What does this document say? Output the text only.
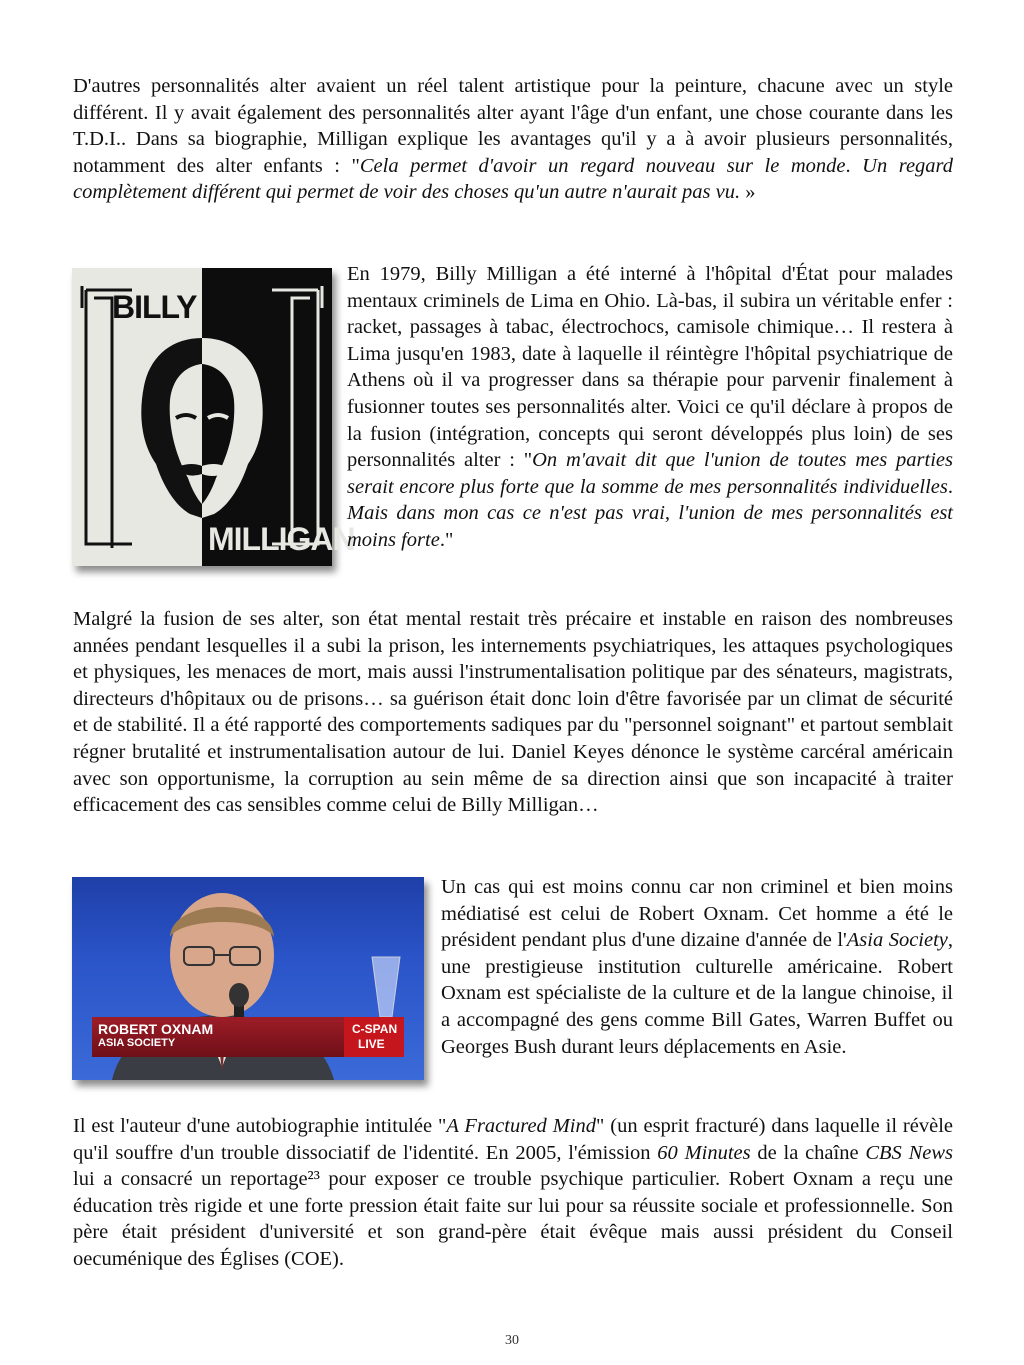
D'autres personnalités alter avaient un réel talent artistique pour la peinture, chacune avec un style différent. Il y avait également des personnalités alter ayant l'âge d'un enfant, une chose courante dans les T.D.I.. Dans sa biographie, Milligan explique les avantages qu'il y a à avoir plusieurs personnalités, notamment des alter enfants : "Cela permet d'avoir un regard nouveau sur le monde. Un regard complètement différent qui permet de voir des choses qu'un autre n'aurait pas vu. »

BILLY
MILLIGAN

En 1979, Billy Milligan a été interné à l'hôpital d'État pour malades mentaux criminels de Lima en Ohio. Là-bas, il subira un véritable enfer : racket, passages à tabac, électrochocs, camisole chimique… Il restera à Lima jusqu'en 1983, date à laquelle il réintègre l'hôpital psychiatrique de Athens où il va progresser dans sa thérapie pour parvenir finalement à fusionner toutes ses personnalités alter. Voici ce qu'il déclare à propos de la fusion (intégration, concepts qui seront développés plus loin) de ses personnalités alter : "On m'avait dit que l'union de toutes mes parties serait encore plus forte que la somme de mes personnalités individuelles. Mais dans mon cas ce n'est pas vrai, l'union de mes personnalités est moins forte."

Malgré la fusion de ses alter, son état mental restait très précaire et instable en raison des nombreuses années pendant lesquelles il a subi la prison, les internements psychiatriques, les attaques psychologiques et physiques, les menaces de mort, mais aussi l'instrumentalisation politique par des sénateurs, magistrats, directeurs d'hôpitaux ou de prisons… sa guérison était donc loin d'être favorisée par un climat de sécurité et de stabilité. Il a été rapporté des comportements sadiques par du "personnel soignant" et partout semblait régner brutalité et instrumentalisation autour de lui. Daniel Keyes dénonce le système carcéral américain avec son opportunisme, la corruption au sein même de sa direction ainsi que son incapacité à traiter efficacement des cas sensibles comme celui de Billy Milligan…

ROBERT OXNAM
ASIA SOCIETY
C-SPAN
LIVE

Un cas qui est moins connu car non criminel et bien moins médiatisé est celui de Robert Oxnam. Cet homme a été le président pendant plus d'une dizaine d'année de l'Asia Society, une prestigieuse institution culturelle américaine. Robert Oxnam est spécialiste de la culture et de la langue chinoise, il a accompagné des gens comme Bill Gates, Warren Buffet ou Georges Bush durant leurs déplacements en Asie.

Il est l'auteur d'une autobiographie intitulée "A Fractured Mind" (un esprit fracturé) dans laquelle il révèle qu'il souffre d'un trouble dissociatif de l'identité. En 2005, l'émission 60 Minutes de la chaîne CBS News lui a consacré un reportage²³ pour exposer ce trouble psychique particulier. Robert Oxnam a reçu une éducation très rigide et une forte pression était faite sur lui pour sa réussite sociale et professionnelle. Son père était président d'université et son grand-père était évêque mais aussi président du Conseil oecuménique des Églises (COE).

30
